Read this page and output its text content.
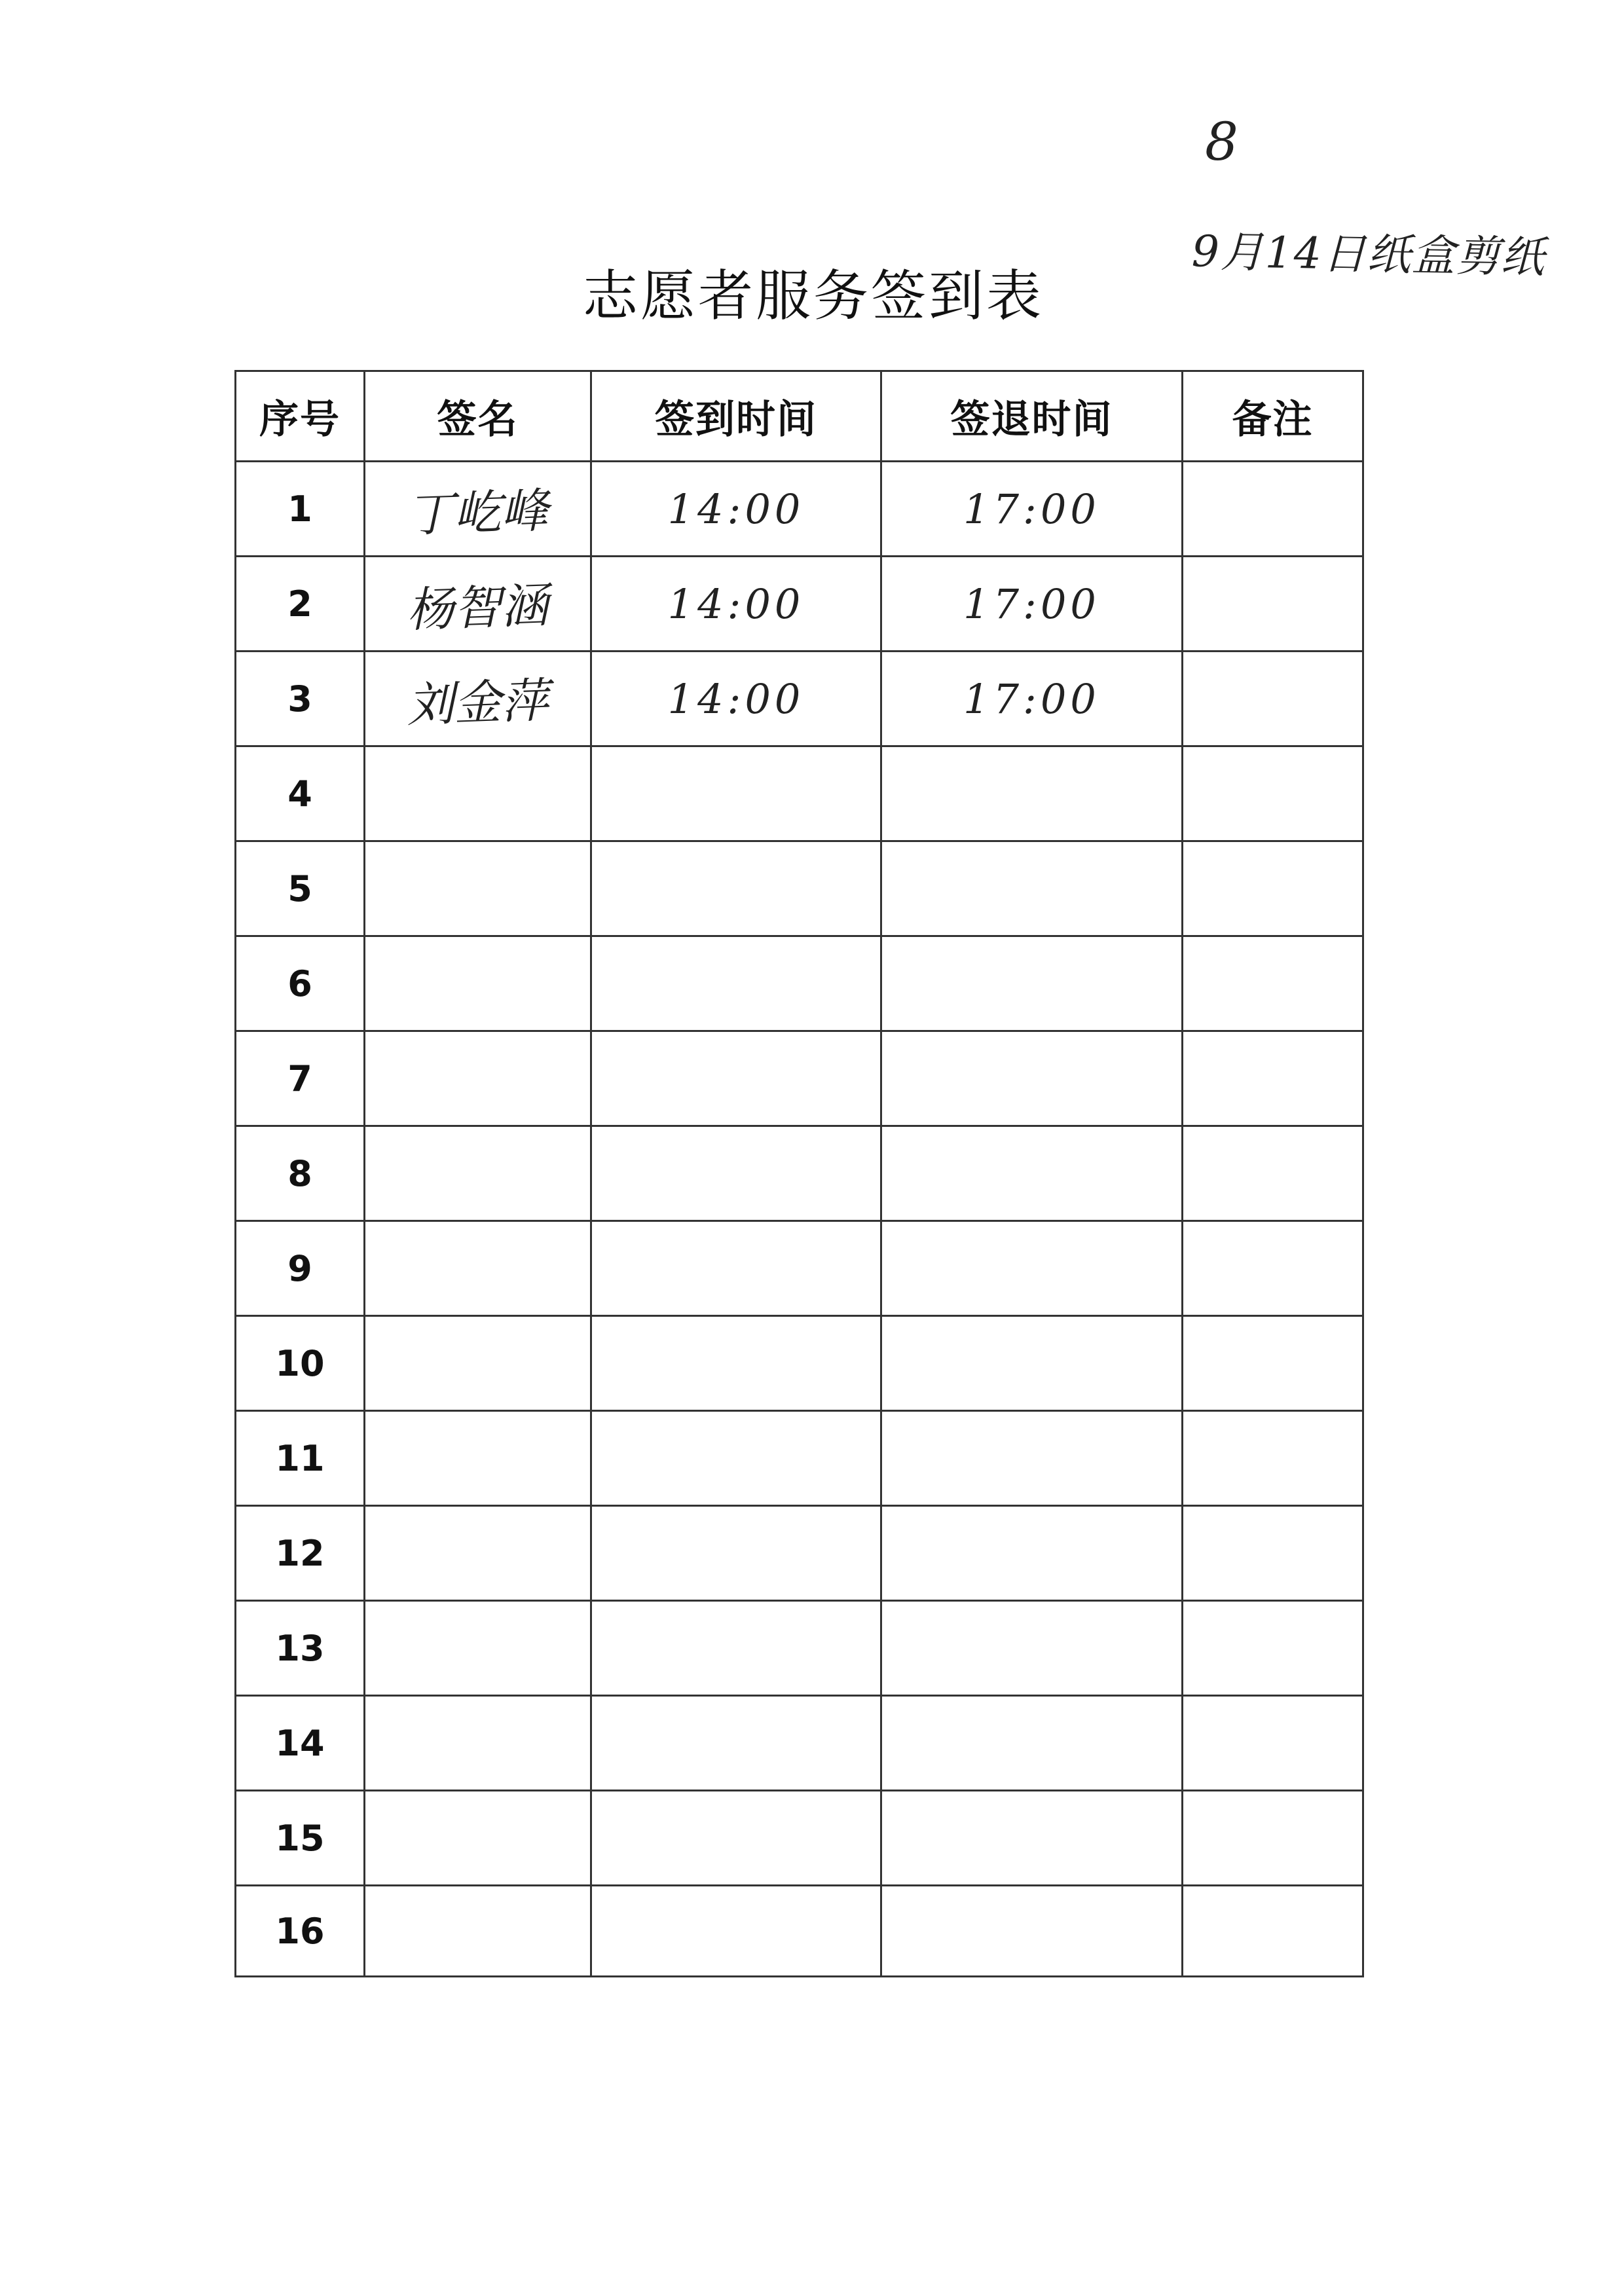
8
9月14日纸盒剪纸
志愿者服务签到表
序号	签名	签到时间	签退时间	备注
1	丁屹峰	14:00	17:00	
2	杨智涵	14:00	17:00	
3	刘金萍	14:00	17:00	
4				
5				
6				
7				
8				
9				
10				
11				
12				
13				
14				
15				
16				
